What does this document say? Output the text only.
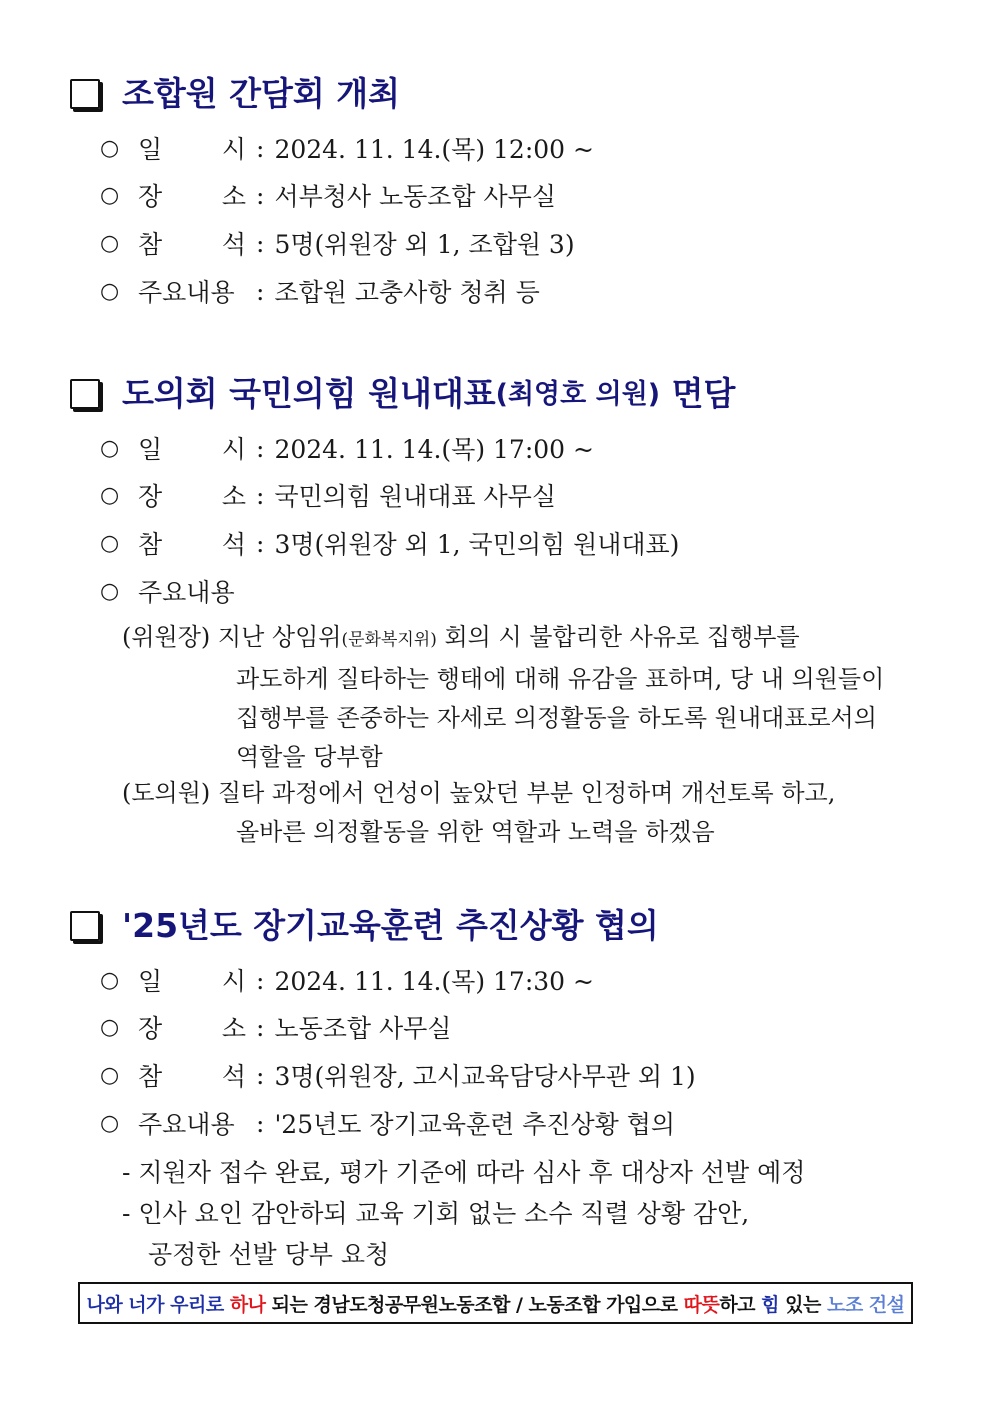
조합원 간담회 개최
○ 일 시 : 2024. 11. 14.(목) 12:00 ~
○ 장 소 : 서부청사 노동조합 사무실
○ 참 석 : 5명(위원장 외 1, 조합원 3)
○ 주요내용 : 조합원 고충사항 청취 등
도의회 국민의힘 원내대표 (최영호 의원)
면담
○ 일 시 : 2024. 11. 14.(목) 17:00 ~
○ 장 소 : 국민의힘 원내대표 사무실
○ 참 석 : 3명(위원장 외 1, 국민의힘 원내대표)
○ 주요내용
(위원장) 지난 상임위(문화복지위) 회의 시 불합리한 사유로 집행부를
과도하게 질타하는 행태에 대해 유감을 표하며, 당 내 의원들이
집행부를 존중하는 자세로 의정활동을 하도록 원내대표로서의
역할을 당부함
(도의원) 질타 과정에서 언성이 높았던 부분 인정하며 개선토록 하고,
올바른 의정활동을 위한 역할과 노력을 하겠음
'25년도 장기교육훈련 추진상황 협의
○ 일 시 : 2024. 11. 14.(목) 17:30 ~
○ 장 소 : 노동조합 사무실
○ 참 석 : 3명(위원장, 고시교육담당사무관 외 1)
○ 주요내용 : '25년도 장기교육훈련 추진상황 협의
- 지원자 접수 완료, 평가 기준에 따라 심사 후 대상자 선발 예정
- 인사 요인 감안하되 교육 기회 없는 소수 직렬 상황 감안,
공정한 선발 당부 요청
나와 너가 우리로 하나 되는 경남도청공무원노동조합 / 노동조합 가입으로 따뜻 하고 힘 있는 노조 건설
